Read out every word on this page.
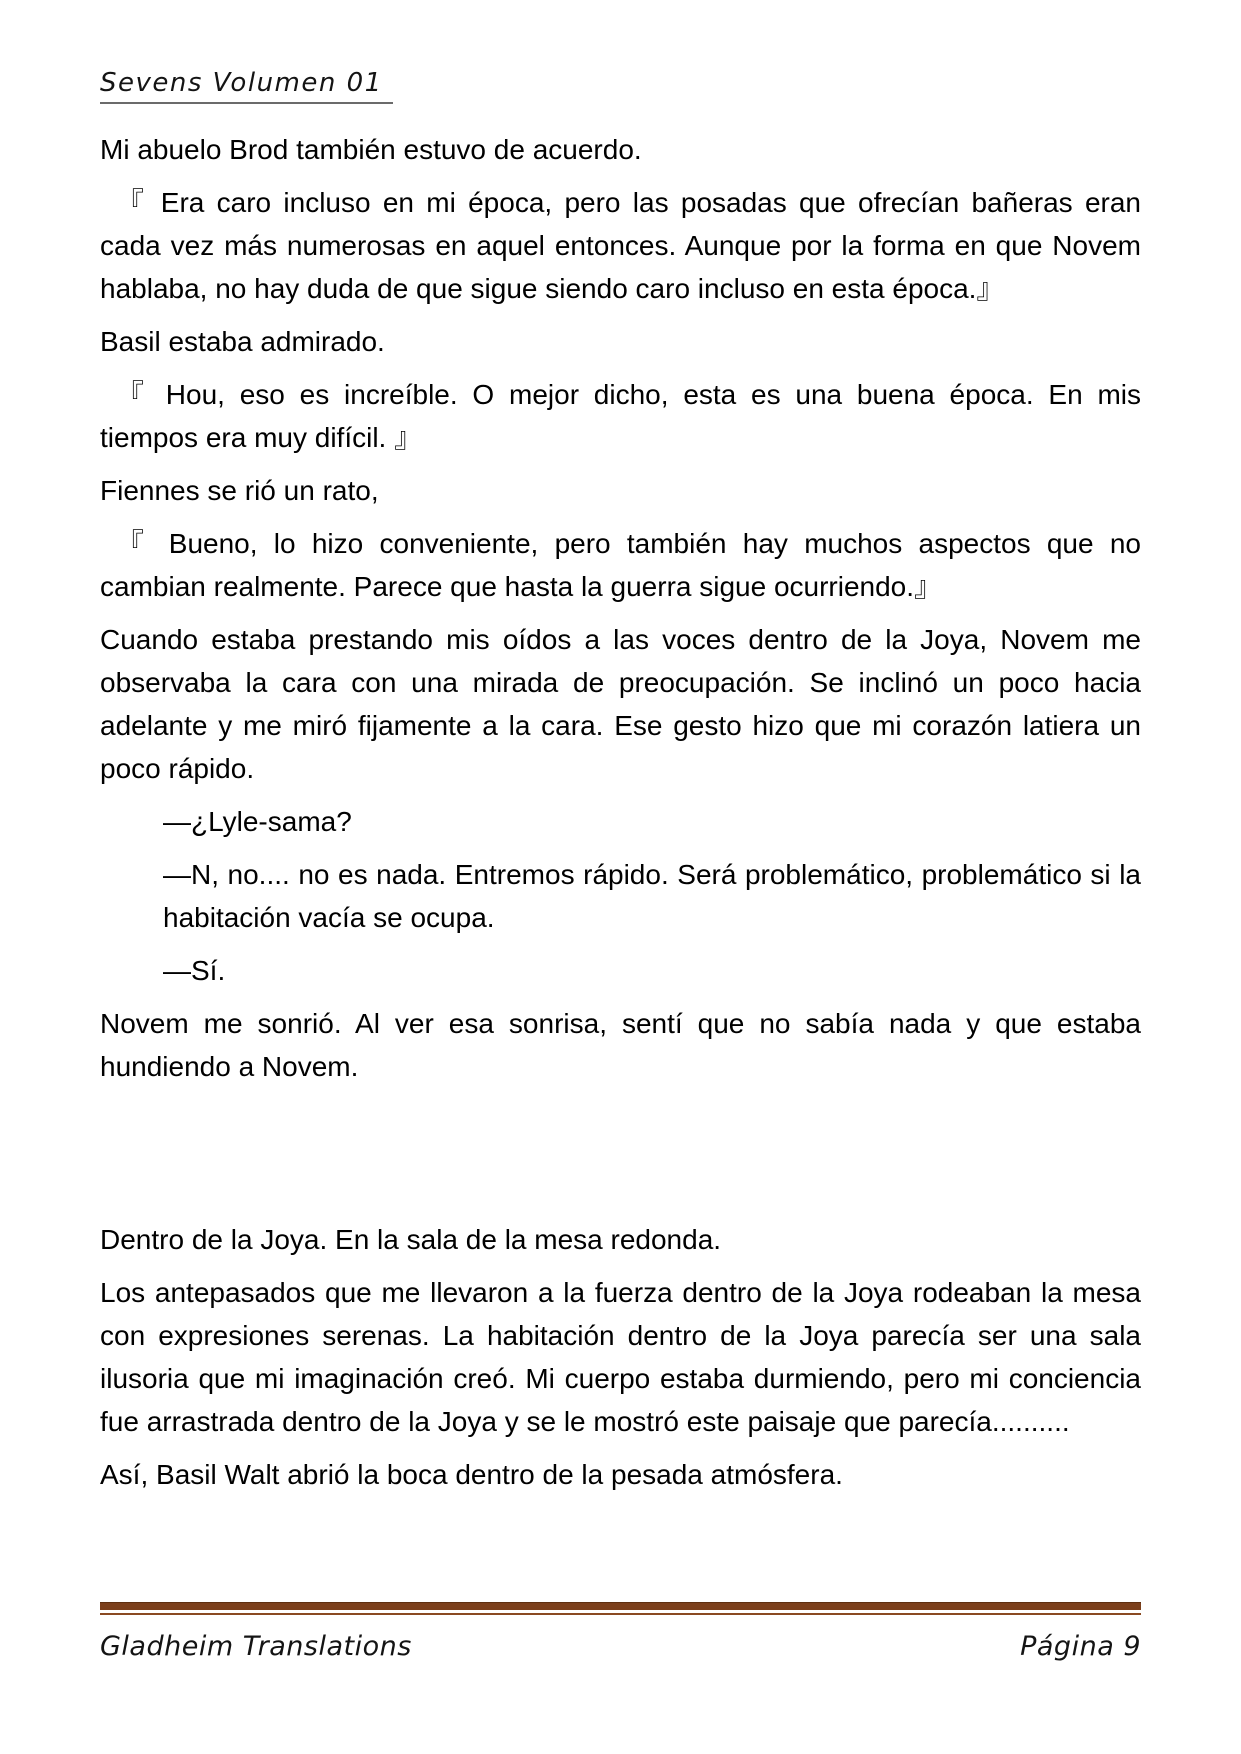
Sevens Volumen 01

Mi abuelo Brod también estuvo de acuerdo.

『 Era caro incluso en mi época, pero las posadas que ofrecían bañeras eran cada vez más numerosas en aquel entonces. Aunque por la forma en que Novem hablaba, no hay duda de que sigue siendo caro incluso en esta época.』

Basil estaba admirado.

『 Hou, eso es increíble. O mejor dicho, esta es una buena época. En mis tiempos era muy difícil. 』

Fiennes se rió un rato,

『 Bueno, lo hizo conveniente, pero también hay muchos aspectos que no cambian realmente. Parece que hasta la guerra sigue ocurriendo.』

Cuando estaba prestando mis oídos a las voces dentro de la Joya, Novem me observaba la cara con una mirada de preocupación. Se inclinó un poco hacia adelante y me miró fijamente a la cara. Ese gesto hizo que mi corazón latiera un poco rápido.

—¿Lyle-sama?

—N, no.... no es nada. Entremos rápido. Será problemático, problemático si la habitación vacía se ocupa.

—Sí.

Novem me sonrió. Al ver esa sonrisa, sentí que no sabía nada y que estaba hundiendo a Novem.

Dentro de la Joya. En la sala de la mesa redonda.

Los antepasados que me llevaron a la fuerza dentro de la Joya rodeaban la mesa con expresiones serenas. La habitación dentro de la Joya parecía ser una sala ilusoria que mi imaginación creó. Mi cuerpo estaba durmiendo, pero mi conciencia fue arrastrada dentro de la Joya y se le mostró este paisaje que parecía..........

Así, Basil Walt abrió la boca dentro de la pesada atmósfera.

Gladheim Translations	Página 9
